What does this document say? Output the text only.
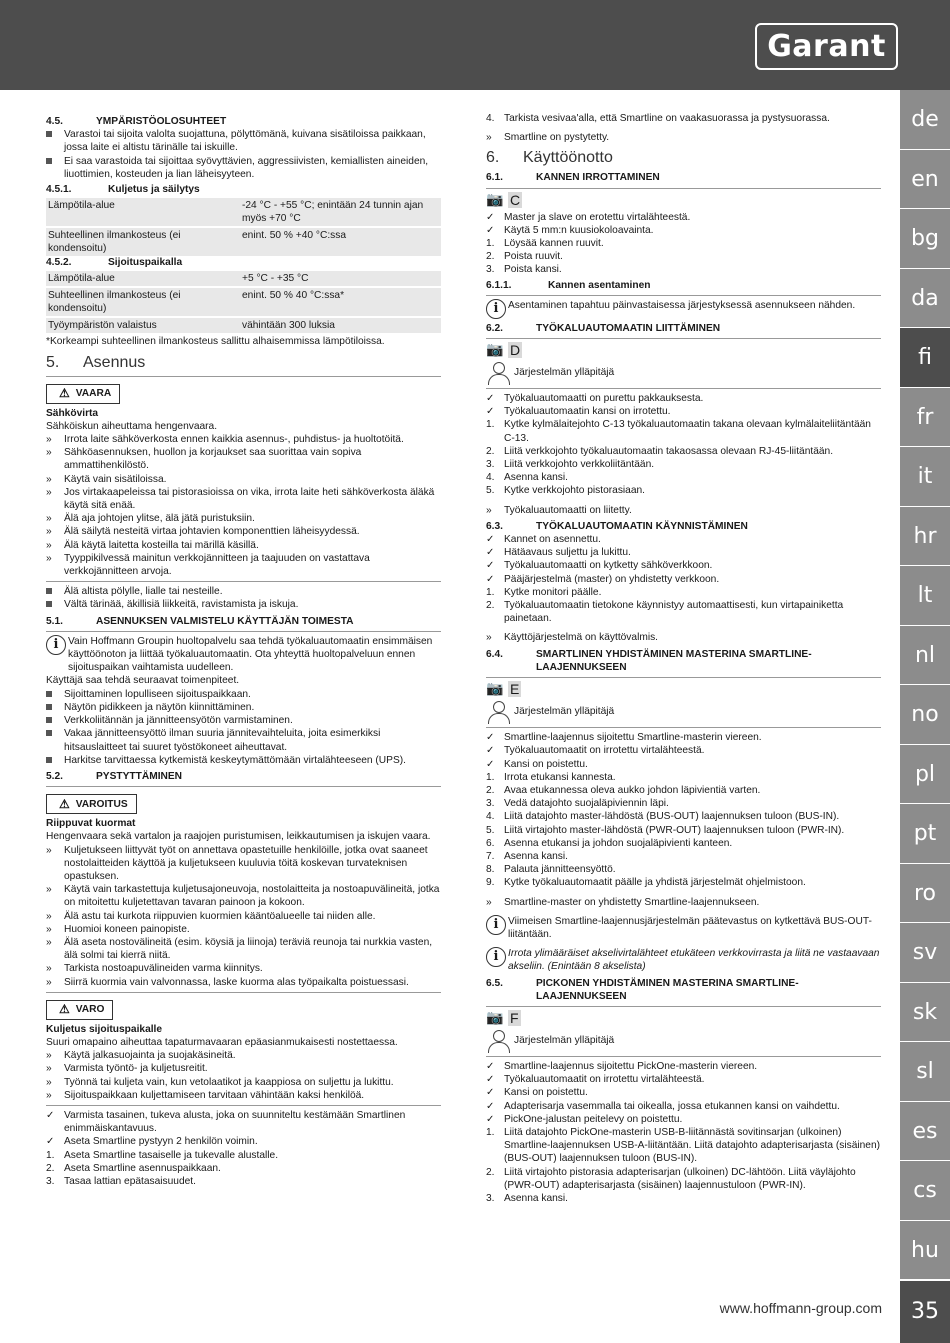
Garant
de
en
bg
da
fi
fr
it
hr
lt
nl
no
pl
pt
ro
sv
sk
sl
es
cs
hu
35
www.hoffmann-group.com
4.5.	YMPÄRISTÖOLOSUHTEET
Varastoi tai sijoita valolta suojattuna, pölyttömänä, kuivana sisätiloissa paikkaan, jossa laite ei altistu tärinälle tai iskuille.
Ei saa varastoida tai sijoittaa syövyttävien, aggressiivisten, kemiallisten aineiden, liuottimien, kosteuden ja lian läheisyyteen.
4.5.1.	Kuljetus ja säilytys
Lämpötila-alue	-24 °C - +55 °C; enintään 24 tunnin ajan myös +70 °C
Suhteellinen ilmankosteus (ei kondensoitu)	enint. 50 % +40 °C:ssa
4.5.2.	Sijoituspaikalla
Lämpötila-alue	+5 °C - +35 °C
Suhteellinen ilmankosteus (ei kondensoitu)	enint. 50 % 40 °C:ssa*
Työympäristön valaistus	vähintään 300 luksia

*Korkeampi suhteellinen ilmankosteus sallittu alhaisemmissa lämpötiloissa.

5.	Asennus
⚠ VAARA

Sähkövirta

Sähköiskun aiheuttama hengenvaara.

»	Irrota laite sähköverkosta ennen kaikkia asennus-, puhdistus- ja huoltotöitä.
»	Sähköasennuksen, huollon ja korjaukset saa suorittaa vain sopiva ammattihenkilöstö.
»	Käytä vain sisätiloissa.
»	Jos virtakaapeleissa tai pistorasioissa on vika, irrota laite heti sähköverkosta äläkä käytä sitä enää.
»	Älä aja johtojen ylitse, älä jätä puristuksiin.
»	Älä säilytä nesteitä virtaa johtavien komponenttien läheisyydessä.
»	Älä käytä laitetta kosteilla tai märillä käsillä.
»	Tyyppikilvessä mainitun verkkojännitteen ja taajuuden on vastattava verkkojännitteen arvoja.
Älä altista pölylle, lialle tai nesteille.
Vältä tärinää, äkillisiä liikkeitä, ravistamista ja iskuja.
5.1.	ASENNUKSEN VALMISTELU KÄYTTÄJÄN TOIMESTA
i Vain Hoffmann Groupin huoltopalvelu saa tehdä työkaluautomaatin ensimmäisen käyttöönoton ja liittää työkaluautomaatin. Ota yhteyttä huoltopalveluun ennen sijoituspaikan vaihtamista uudelleen.

Käyttäjä saa tehdä seuraavat toimenpiteet.

Sijoittaminen lopulliseen sijoituspaikkaan.
Näytön pidikkeen ja näytön kiinnittäminen.
Verkkoliitännän ja jännitteensyötön varmistaminen.
Vakaa jännitteensyöttö ilman suuria jännitevaihteluita, joita esimerkiksi hitsauslaitteet tai suuret työstökoneet aiheuttavat.
Harkitse tarvittaessa kytkemistä keskeytymättömään virtalähteeseen (UPS).
5.2.	PYSTYTTÄMINEN
⚠ VAROITUS

Riippuvat kuormat

Hengenvaara sekä vartalon ja raajojen puristumisen, leikkautumisen ja iskujen vaara.

»	Kuljetukseen liittyvät työt on annettava opastetuille henkilöille, jotka ovat saaneet nostolaitteiden käyttöä ja kuljetukseen kuuluvia töitä koskevan turvateknisen opastuksen.
»	Käytä vain tarkastettuja kuljetusajoneuvoja, nostolaitteita ja nostoapuvälineitä, jotka on mitoitettu kuljetettavan tavaran painoon ja kokoon.
»	Älä astu tai kurkota riippuvien kuormien kääntöalueelle tai niiden alle.
»	Huomioi koneen painopiste.
»	Älä aseta nostovälineitä (esim. köysiä ja liinoja) teräviä reunoja tai nurkkia vasten, älä solmi tai kierrä niitä.
»	Tarkista nostoapuvälineiden varma kiinnitys.
»	Siirrä kuormia vain valvonnassa, laske kuorma alas työpaikalta poistuessasi.
⚠ VARO

Kuljetus sijoituspaikalle

Suuri omapaino aiheuttaa tapaturmavaaran epäasianmukaisesti nostettaessa.

»	Käytä jalkasuojainta ja suojakäsineitä.
»	Varmista työntö- ja kuljetusreitit.
»	Työnnä tai kuljeta vain, kun vetolaatikot ja kaappiosa on suljettu ja lukittu.
»	Sijoituspaikkaan kuljettamiseen tarvitaan vähintään kaksi henkilöä.
✓ Varmista tasainen, tukeva alusta, joka on suunniteltu kestämään Smartlinen enimmäiskantavuus.
✓ Aseta Smartline pystyyn 2 henkilön voimin.
1. Aseta Smartline tasaiselle ja tukevalle alustalle.
2. Aseta Smartline asennuspaikkaan.
3. Tasaa lattian epätasaisuudet.
4. Tarkista vesivaa'alla, että Smartline on vaakasuorassa ja pystysuorassa.
»	Smartline on pystytetty.
6.	Käyttöönotto
6.1.	KANNEN IRROTTAMINEN
📷 C
✓ Master ja slave on erotettu virtalähteestä.
✓ Käytä 5 mm:n kuusiokoloavainta.
1. Löysää kannen ruuvit.
2. Poista ruuvit.
3. Poista kansi.
6.1.1.	Kannen asentaminen
i Asentaminen tapahtuu päinvastaisessa järjestyksessä asennukseen nähden.
6.2.	TYÖKALUAUTOMAATIN LIITTÄMINEN
📷 D
Järjestelmän ylläpitäjä
✓ Työkaluautomaatti on purettu pakkauksesta.
✓ Työkaluautomaatin kansi on irrotettu.
1. Kytke kylmälaitejohto C-13 työkaluautomaatin takana olevaan kylmälaiteliitäntään C-13.
2. Liitä verkkojohto työkaluautomaatin takaosassa olevaan RJ-45-liitäntään.
3. Liitä verkkojohto verkkoliitäntään.
4. Asenna kansi.
5. Kytke verkkojohto pistorasiaan.
»	Työkaluautomaatti on liitetty.
6.3.	TYÖKALUAUTOMAATIN KÄYNNISTÄMINEN
✓ Kannet on asennettu.
✓ Hätäavaus suljettu ja lukittu.
✓ Työkaluautomaatti on kytketty sähköverkkoon.
✓ Pääjärjestelmä (master) on yhdistetty verkkoon.
1. Kytke monitori päälle.
2. Työkaluautomaatin tietokone käynnistyy automaattisesti, kun virtapainiketta painetaan.
»	Käyttöjärjestelmä on käyttövalmis.
6.4.	SMARTLINEN YHDISTÄMINEN MASTERINA SMARTLINE-LAAJENNUKSEEN
📷 E
Järjestelmän ylläpitäjä
✓ Smartline-laajennus sijoitettu Smartline-masterin viereen.
✓ Työkaluautomaatit on irrotettu virtalähteestä.
✓ Kansi on poistettu.
1. Irrota etukansi kannesta.
2. Avaa etukannessa oleva aukko johdon läpivientiä varten.
3. Vedä datajohto suojaläpiviennin läpi.
4. Liitä datajohto master-lähdöstä (BUS-OUT) laajennuksen tuloon (BUS-IN).
5. Liitä virtajohto master-lähdöstä (PWR-OUT) laajennuksen tuloon (PWR-IN).
6. Asenna etukansi ja johdon suojaläpivienti kanteen.
7. Asenna kansi.
8. Palauta jännitteensyöttö.
9. Kytke työkaluautomaatit päälle ja yhdistä järjestelmät ohjelmistoon.
»	Smartline-master on yhdistetty Smartline-laajennukseen.
i Viimeisen Smartline-laajennusjärjestelmän päätevastus on kytkettävä BUS-OUT-liitäntään.
i Irrota ylimääräiset akselivirtalähteet etukäteen verkkovirrasta ja liitä ne vastaavaan akseliin. (Enintään 8 akselista)
6.5.	PICKONEN YHDISTÄMINEN MASTERINA SMARTLINE-LAAJENNUKSEEN
📷 F
Järjestelmän ylläpitäjä
✓ Smartline-laajennus sijoitettu PickOne-masterin viereen.
✓ Työkaluautomaatit on irrotettu virtalähteestä.
✓ Kansi on poistettu.
✓ Adapterisarja vasemmalla tai oikealla, jossa etukannen kansi on vaihdettu.
✓ PickOne-jalustan peitelevy on poistettu.
1. Liitä datajohto PickOne-masterin USB-B-liitännästä sovitinsarjan (ulkoinen) Smartline-laajennuksen USB-A-liitäntään. Liitä datajohto adapterisarjasta (sisäinen) (BUS-OUT) laajennuksen tuloon (BUS-IN).
2. Liitä virtajohto pistorasia adapterisarjan (ulkoinen) DC-lähtöön. Liitä väyläjohto (PWR-OUT) adapterisarjasta (sisäinen) laajennustuloon (PWR-IN).
3. Asenna kansi.
